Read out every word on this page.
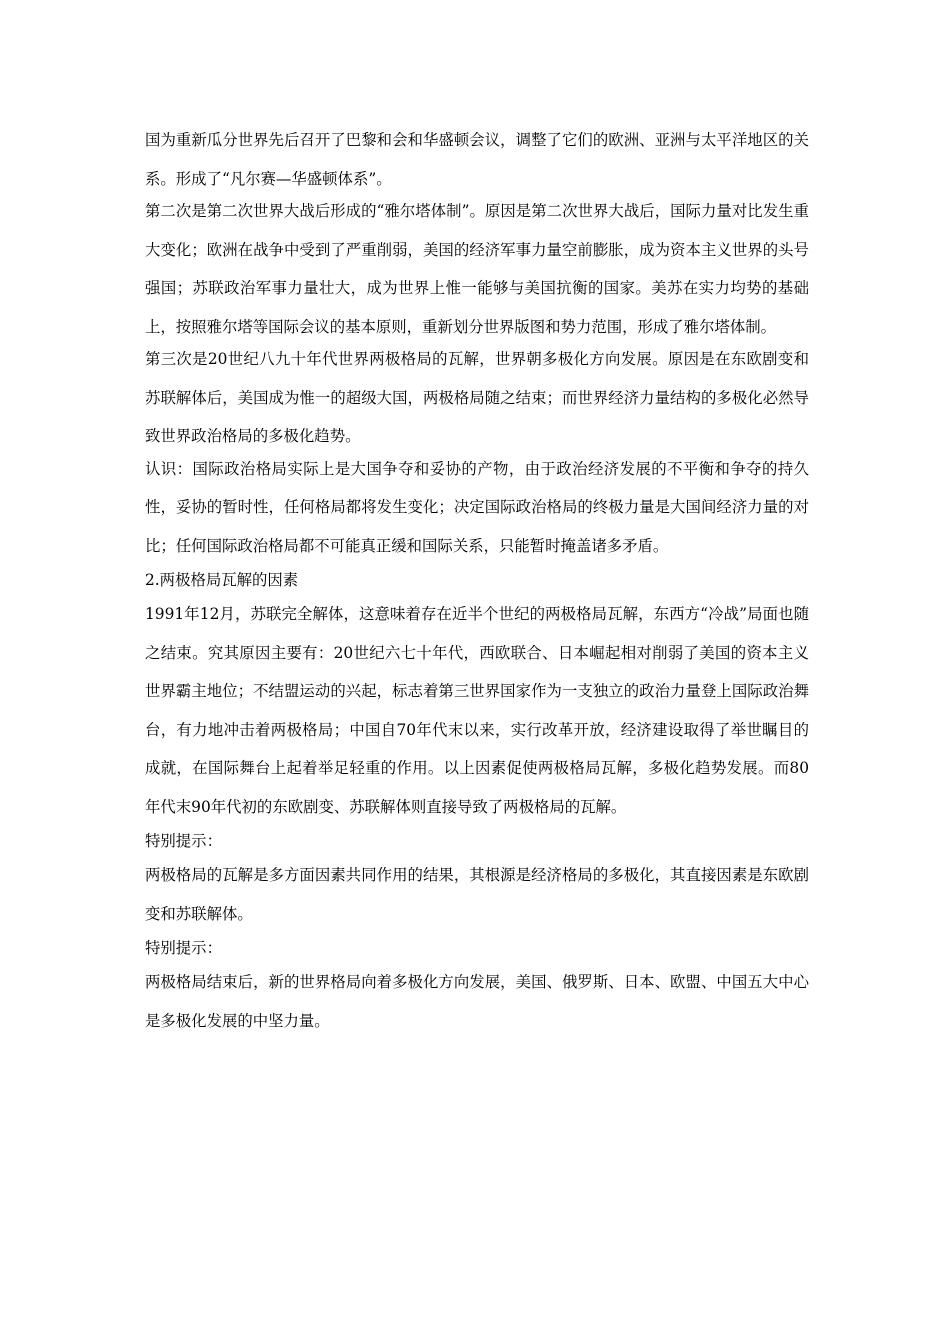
国为重新瓜分世界先后召开了巴黎和会和华盛顿会议，调整了它们的欧洲、亚洲与太平洋地区的关系。形成了“凡尔赛—华盛顿体系”。

第二次是第二次世界大战后形成的“雅尔塔体制”。原因是第二次世界大战后，国际力量对比发生重大变化；欧洲在战争中受到了严重削弱，美国的经济军事力量空前膨胀，成为资本主义世界的头号强国；苏联政治军事力量壮大，成为世界上惟一能够与美国抗衡的国家。美苏在实力均势的基础上，按照雅尔塔等国际会议的基本原则，重新划分世界版图和势力范围，形成了雅尔塔体制。

第三次是20世纪八九十年代世界两极格局的瓦解，世界朝多极化方向发展。原因是在东欧剧变和苏联解体后，美国成为惟一的超级大国，两极格局随之结束；而世界经济力量结构的多极化必然导致世界政治格局的多极化趋势。

认识：国际政治格局实际上是大国争夺和妥协的产物，由于政治经济发展的不平衡和争夺的持久性，妥协的暂时性，任何格局都将发生变化；决定国际政治格局的终极力量是大国间经济力量的对比；任何国际政治格局都不可能真正缓和国际关系，只能暂时掩盖诸多矛盾。

2.两极格局瓦解的因素

1991年12月，苏联完全解体，这意味着存在近半个世纪的两极格局瓦解，东西方“冷战”局面也随之结束。究其原因主要有：20世纪六七十年代，西欧联合、日本崛起相对削弱了美国的资本主义世界霸主地位；不结盟运动的兴起，标志着第三世界国家作为一支独立的政治力量登上国际政治舞台，有力地冲击着两极格局；中国自70年代末以来，实行改革开放，经济建设取得了举世瞩目的成就，在国际舞台上起着举足轻重的作用。以上因素促使两极格局瓦解，多极化趋势发展。而80年代末90年代初的东欧剧变、苏联解体则直接导致了两极格局的瓦解。

特别提示：

两极格局的瓦解是多方面因素共同作用的结果，其根源是经济格局的多极化，其直接因素是东欧剧变和苏联解体。

特别提示：

两极格局结束后，新的世界格局向着多极化方向发展，美国、俄罗斯、日本、欧盟、中国五大中心是多极化发展的中坚力量。
